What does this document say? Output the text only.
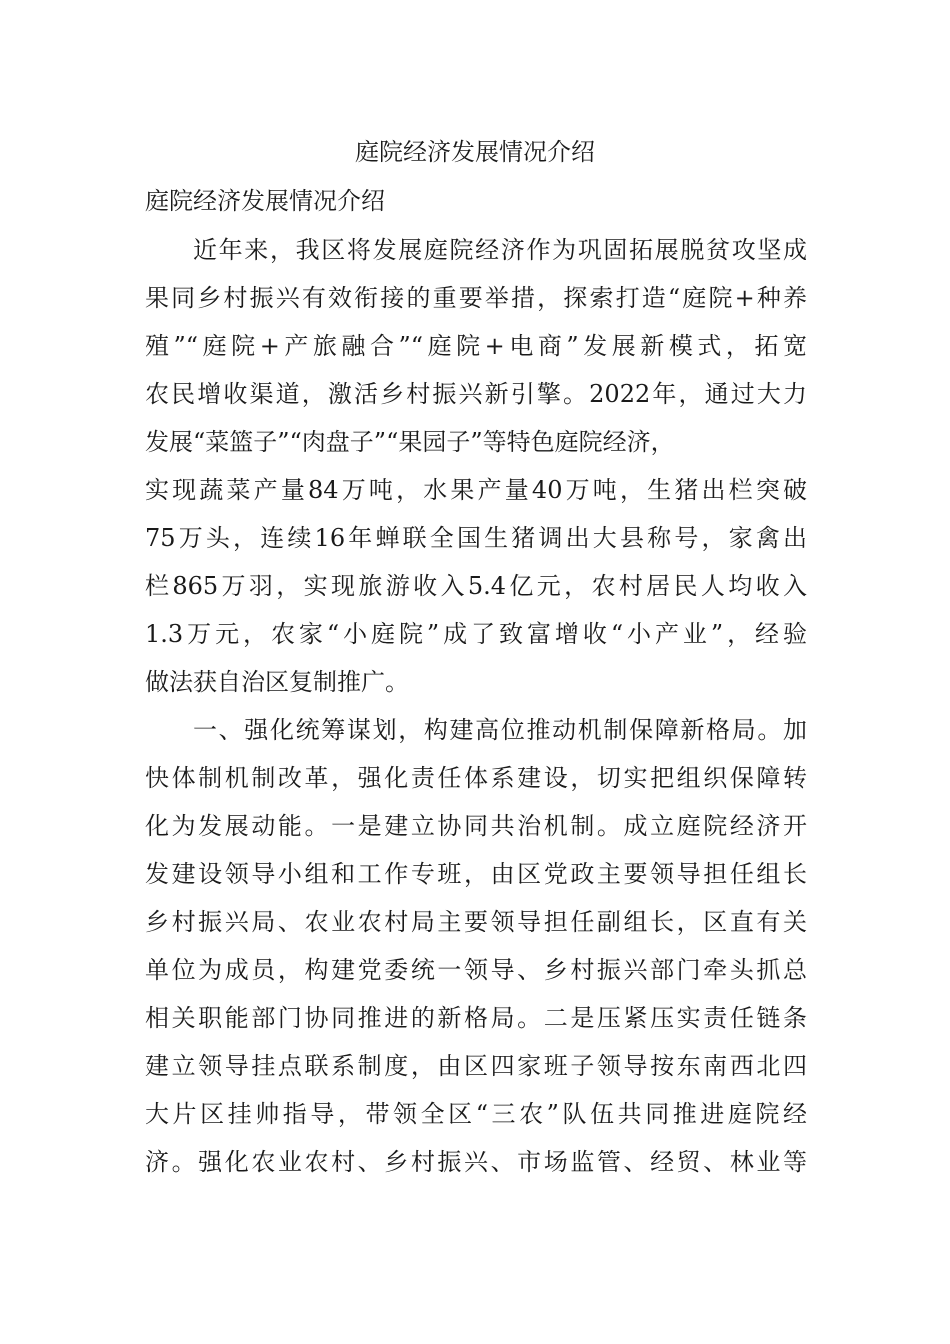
庭院经济发展情况介绍
庭院经济发展情况介绍

近年来，我区将发展庭院经济作为巩固拓展脱贫攻坚成
果同乡村振兴有效衔接的重要举措，探索打造“庭院+种养
殖”“庭院+产旅融合”“庭院+电商”发展新模式，拓宽
农民增收渠道，激活乡村振兴新引擎。2022年，通过大力
发展“菜篮子”“肉盘子”“果园子”等特色庭院经济，
实现蔬菜产量84万吨，水果产量40万吨，生猪出栏突破
75万头，连续16年蝉联全国生猪调出大县称号，家禽出
栏865万羽，实现旅游收入5.4亿元，农村居民人均收入
1.3万元，农家“小庭院”成了致富增收“小产业”，经验
做法获自治区复制推广。

一、强化统筹谋划，构建高位推动机制保障新格局。加
快体制机制改革，强化责任体系建设，切实把组织保障转
化为发展动能。一是建立协同共治机制。成立庭院经济开
发建设领导小组和工作专班，由区党政主要领导担任组长
乡村振兴局、农业农村局主要领导担任副组长，区直有关
单位为成员，构建党委统一领导、乡村振兴部门牵头抓总
相关职能部门协同推进的新格局。二是压紧压实责任链条
建立领导挂点联系制度，由区四家班子领导按东南西北四
大片区挂帅指导，带领全区“三农”队伍共同推进庭院经
济。强化农业农村、乡村振兴、市场监管、经贸、林业等
